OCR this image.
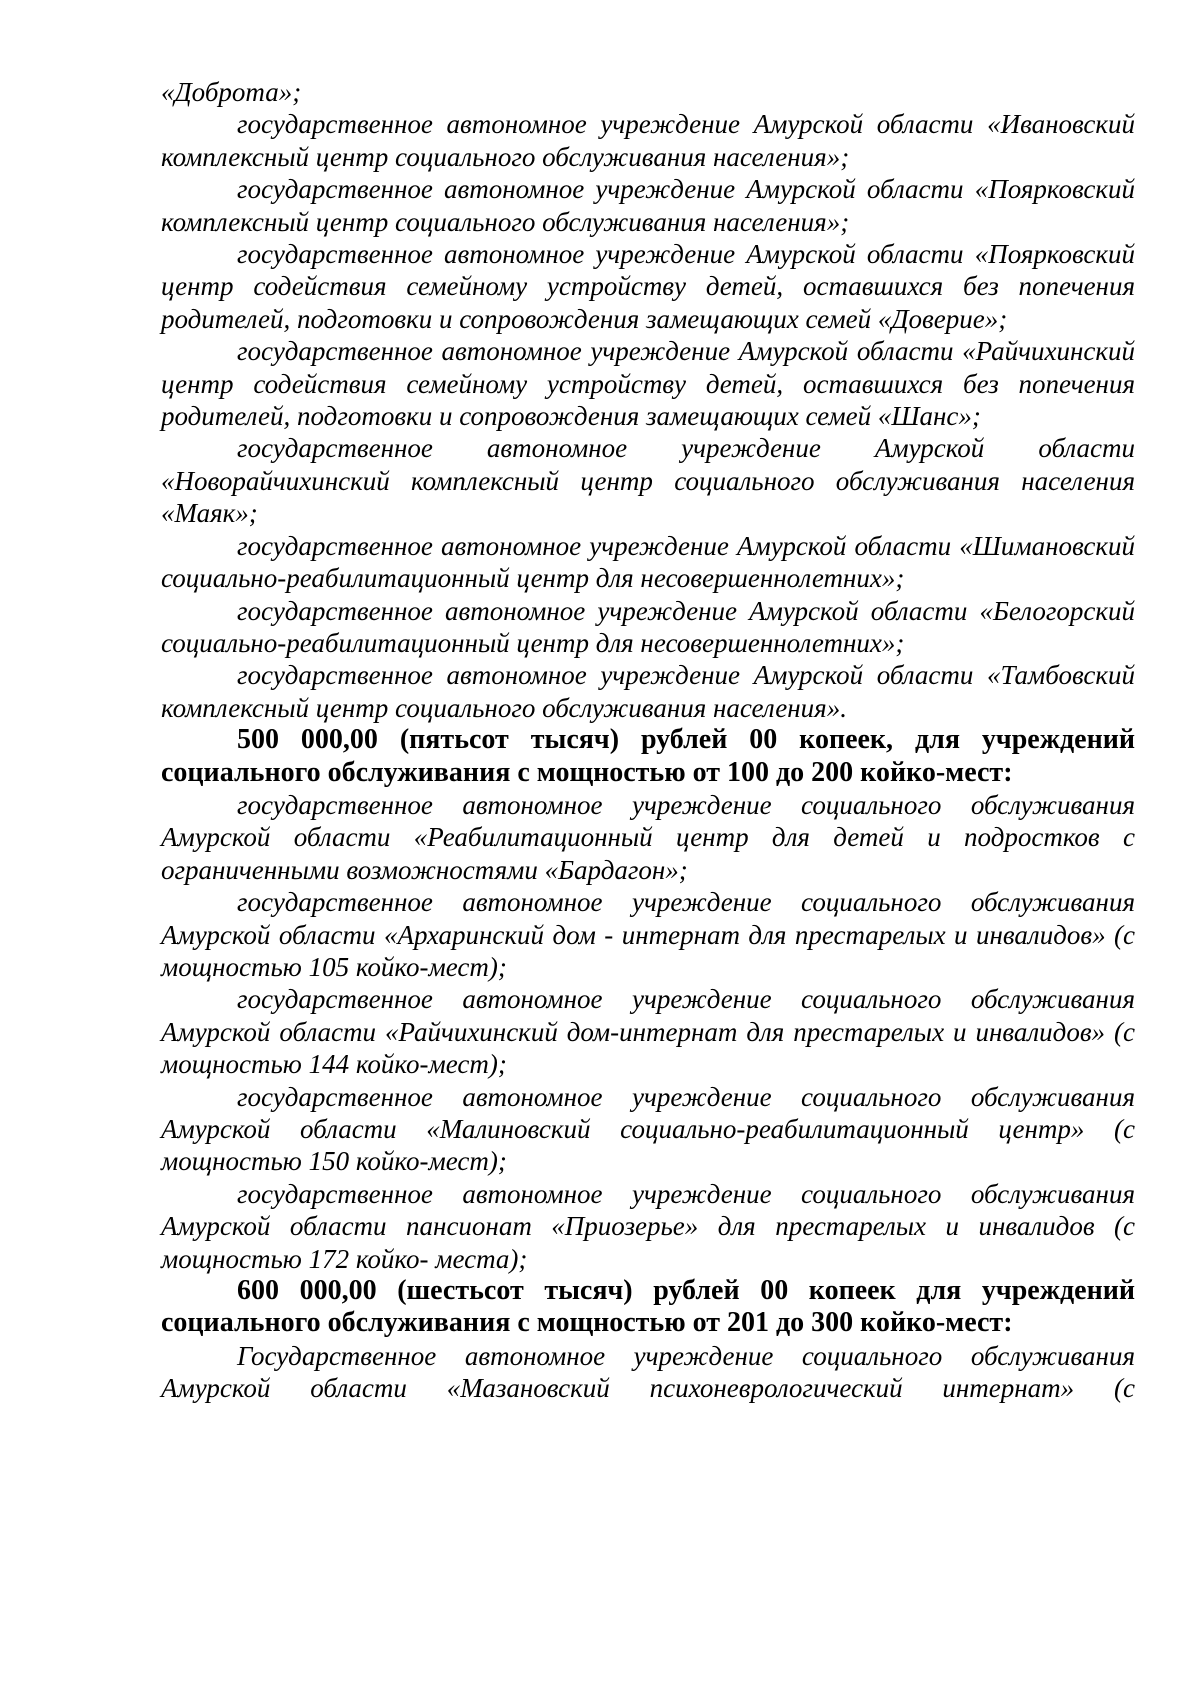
«Доброта»;

государственное автономное учреждение Амурской области «Ивановский комплексный центр социального обслуживания населения»;

государственное автономное учреждение Амурской области «Поярковский комплексный центр социального обслуживания населения»;

государственное автономное учреждение Амурской области «Поярковский центр содействия семейному устройству детей, оставшихся без попечения родителей, подготовки и сопровождения замещающих семей «Доверие»;

государственное автономное учреждение Амурской области «Райчихинский центр содействия семейному устройству детей, оставшихся без попечения родителей, подготовки и сопровождения замещающих семей «Шанс»;

государственное автономное учреждение Амурской области «Новорайчихинский комплексный центр социального обслуживания населения «Маяк»;

государственное автономное учреждение Амурской области «Шимановский социально-реабилитационный центр для несовершеннолетних»;

государственное автономное учреждение Амурской области «Белогорский социально-реабилитационный центр для несовершеннолетних»;

государственное автономное учреждение Амурской области «Тамбовский комплексный центр социального обслуживания населения».

500 000,00 (пятьсот тысяч) рублей 00 копеек, для учреждений социального обслуживания с мощностью от 100 до 200 койко-мест:

государственное автономное учреждение социального обслуживания Амурской области «Реабилитационный центр для детей и подростков с ограниченными возможностями «Бардагон»;

государственное автономное учреждение социального обслуживания Амурской области «Архаринский дом - интернат для престарелых и инвалидов» (с мощностью 105 койко-мест);

государственное автономное учреждение социального обслуживания Амурской области «Райчихинский дом-интернат для престарелых и инвалидов» (с мощностью 144 койко-мест);

государственное автономное учреждение социального обслуживания Амурской области «Малиновский социально-реабилитационный центр» (с мощностью 150 койко-мест);

государственное автономное учреждение социального обслуживания Амурской области пансионат «Приозерье» для престарелых и инвалидов (с мощностью 172 койко- места);

600 000,00 (шестьсот тысяч) рублей 00 копеек для учреждений социального обслуживания с мощностью от 201 до 300 койко-мест:

Государственное автономное учреждение социального обслуживания Амурской области «Мазановский психоневрологический интернат» (с
